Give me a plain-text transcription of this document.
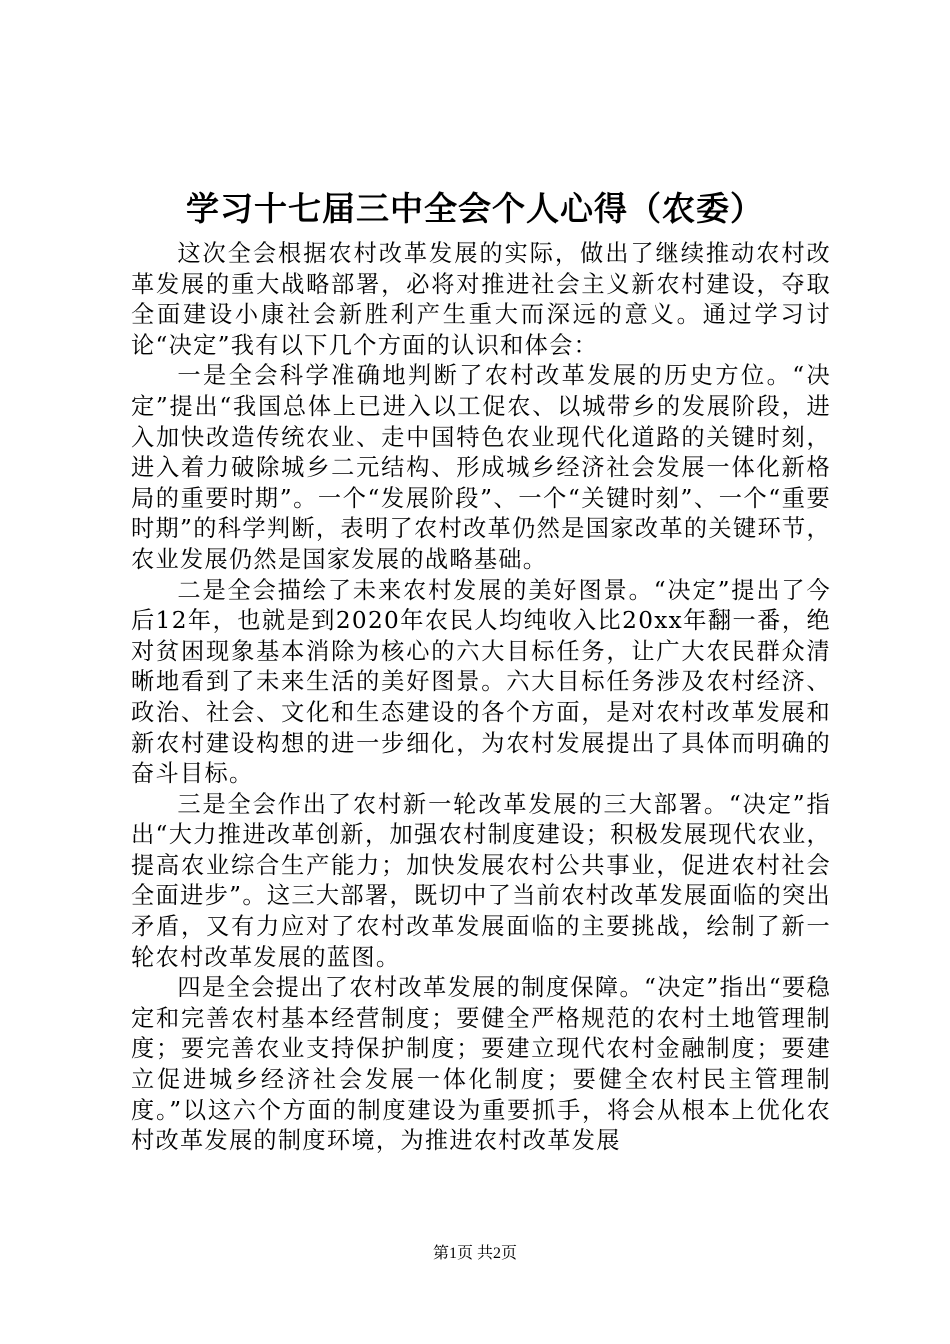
学习十七届三中全会个人心得（农委）

这次全会根据农村改革发展的实际，做出了继续推动农村改革发展的重大战略部署，必将对推进社会主义新农村建设，夺取全面建设小康社会新胜利产生重大而深远的意义。通过学习讨论“决定”我有以下几个方面的认识和体会：

一是全会科学准确地判断了农村改革发展的历史方位。“决定”提出“我国总体上已进入以工促农、以城带乡的发展阶段，进入加快改造传统农业、走中国特色农业现代化道路的关键时刻，进入着力破除城乡二元结构、形成城乡经济社会发展一体化新格局的重要时期”。一个“发展阶段”、一个“关键时刻”、一个“重要时期”的科学判断，表明了农村改革仍然是国家改革的关键环节，农业发展仍然是国家发展的战略基础。

二是全会描绘了未来农村发展的美好图景。“决定”提出了今后12年，也就是到2020年农民人均纯收入比20xx年翻一番，绝对贫困现象基本消除为核心的六大目标任务，让广大农民群众清晰地看到了未来生活的美好图景。六大目标任务涉及农村经济、政治、社会、文化和生态建设的各个方面，是对农村改革发展和新农村建设构想的进一步细化，为农村发展提出了具体而明确的奋斗目标。

三是全会作出了农村新一轮改革发展的三大部署。“决定”指出“大力推进改革创新，加强农村制度建设；积极发展现代农业，提高农业综合生产能力；加快发展农村公共事业，促进农村社会全面进步”。这三大部署，既切中了当前农村改革发展面临的突出矛盾，又有力应对了农村改革发展面临的主要挑战，绘制了新一轮农村改革发展的蓝图。

四是全会提出了农村改革发展的制度保障。“决定”指出“要稳定和完善农村基本经营制度；要健全严格规范的农村土地管理制度；要完善农业支持保护制度；要建立现代农村金融制度；要建立促进城乡经济社会发展一体化制度；要健全农村民主管理制度。”以这六个方面的制度建设为重要抓手，将会从根本上优化农村改革发展的制度环境，为推进农村改革发展

第1页 共2页
